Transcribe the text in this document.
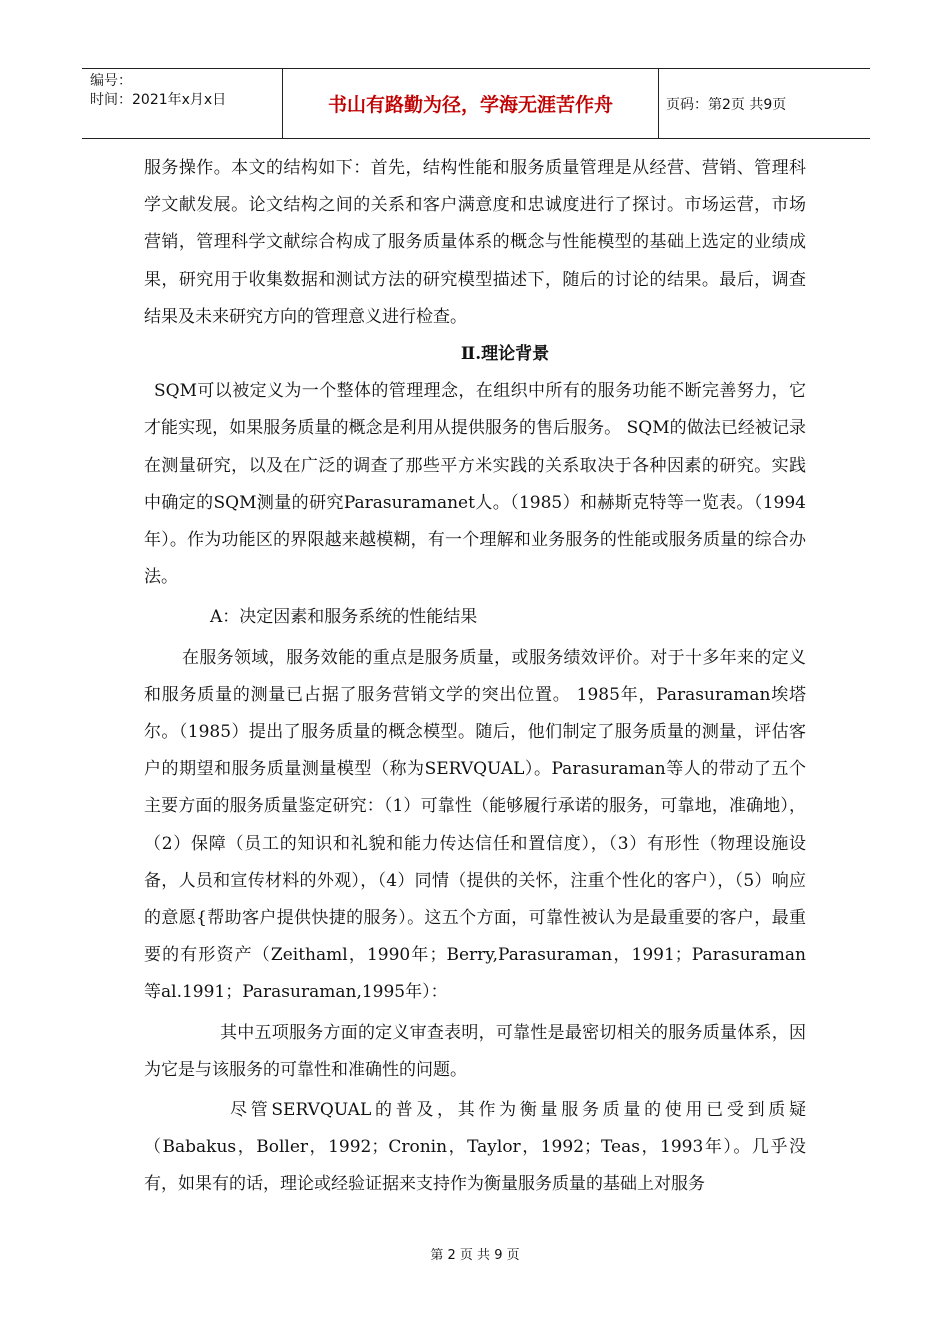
编号：
时间：2021年x月x日	书山有路勤为径，学海无涯苦作舟	页码：第2页 共9页

服务操作。本文的结构如下：首先，结构性能和服务质量管理是从经营、营销、管理科学文献发展。论文结构之间的关系和客户满意度和忠诚度进行了探讨。市场运营，市场营销，管理科学文献综合构成了服务质量体系的概念与性能模型的基础上选定的业绩成果，研究用于收集数据和测试方法的研究模型描述下，随后的讨论的结果。最后，调查结果及未来研究方向的管理意义进行检查。

Ⅱ.理论背景

SQM可以被定义为一个整体的管理理念，在组织中所有的服务功能不断完善努力，它才能实现，如果服务质量的概念是利用从提供服务的售后服务。 SQM的做法已经被记录在测量研究，以及在广泛的调查了那些平方米实践的关系取决于各种因素的研究。实践中确定的SQM测量的研究Parasuramanet人。（1985）和赫斯克特等一览表。（1994年）。作为功能区的界限越来越模糊，有一个理解和业务服务的性能或服务质量的综合办法。

A：决定因素和服务系统的性能结果

在服务领域，服务效能的重点是服务质量，或服务绩效评价。对于十多年来的定义和服务质量的测量已占据了服务营销文学的突出位置。 1985年，Parasuraman埃塔尔。（1985）提出了服务质量的概念模型。随后，他们制定了服务质量的测量，评估客户的期望和服务质量测量模型（称为SERVQUAL）。Parasuraman等人的带动了五个主要方面的服务质量鉴定研究：（1）可靠性（能够履行承诺的服务，可靠地，准确地），（2）保障（员工的知识和礼貌和能力传达信任和置信度），（3）有形性（物理设施设备，人员和宣传材料的外观），（4）同情（提供的关怀，注重个性化的客户），（5）响应的意愿{帮助客户提供快捷的服务）。这五个方面，可靠性被认为是最重要的客户，最重要的有形资产（Zeithaml，1990年；Berry,Parasuraman，1991；Parasuraman等al.1991；Parasuraman,1995年）：

其中五项服务方面的定义审查表明，可靠性是最密切相关的服务质量体系，因为它是与该服务的可靠性和准确性的问题。

尽管SERVQUAL的普及，其作为衡量服务质量的使用已受到质疑（Babakus，Boller，1992；Cronin，Taylor，1992；Teas，1993年）。几乎没有，如果有的话，理论或经验证据来支持作为衡量服务质量的基础上对服务

第 2 页 共 9 页
